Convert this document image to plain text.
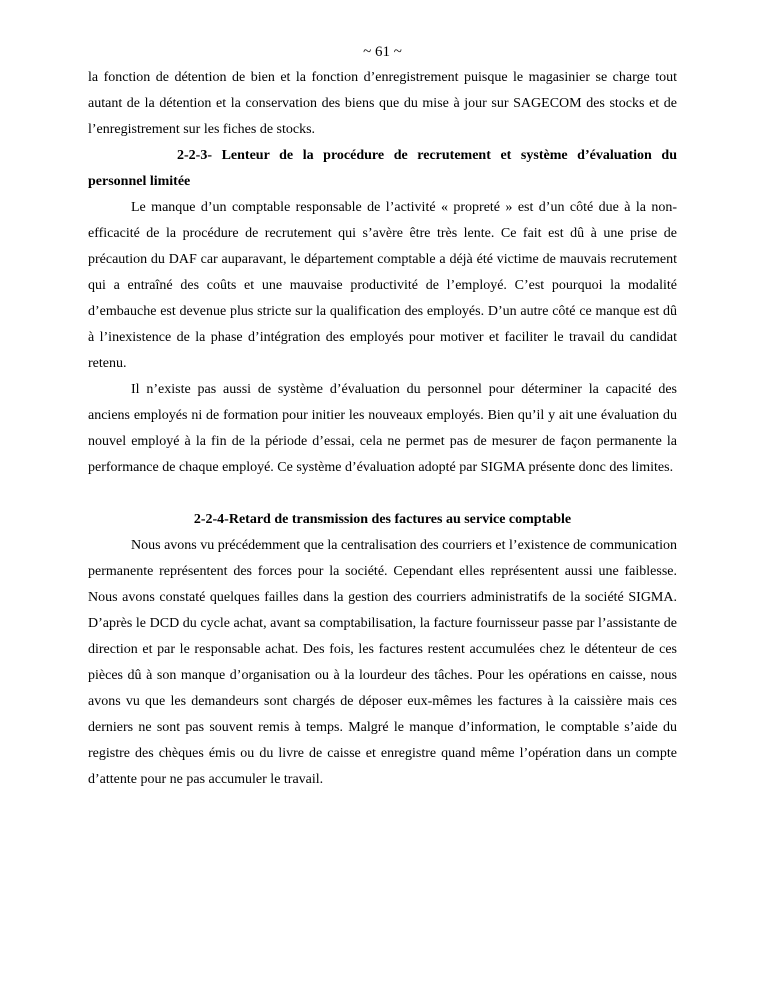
~ 61 ~

la fonction de détention de bien et la fonction d’enregistrement puisque le magasinier se charge tout autant de la détention et la conservation des biens que du mise à jour sur SAGECOM des stocks et de l’enregistrement sur les fiches de stocks.

2-2-3- Lenteur de la procédure de recrutement et système d’évaluation du personnel limitée

Le manque d’un comptable responsable de l’activité « propreté » est d’un côté due à la non-efficacité de la procédure de recrutement qui s’avère être très lente. Ce fait est dû à une prise de précaution du DAF car auparavant, le département comptable a déjà été victime de mauvais recrutement qui a entraîné des coûts et une mauvaise productivité de l’employé. C’est pourquoi la modalité d’embauche est devenue plus stricte sur la qualification des employés. D’un autre côté ce manque est dû à l’inexistence de la phase d’intégration des employés pour motiver et faciliter le travail du candidat retenu.

Il n’existe pas aussi de système d’évaluation du personnel pour déterminer la capacité des anciens employés ni de formation pour initier les nouveaux employés. Bien qu’il y ait une évaluation du nouvel employé à la fin de la période d’essai, cela ne permet pas de mesurer de façon permanente la performance de chaque employé. Ce système d’évaluation adopté par SIGMA présente donc des limites.

2-2-4-Retard de transmission des factures au service comptable

Nous avons vu précédemment que la centralisation des courriers et l’existence de communication permanente représentent des forces pour la société. Cependant elles représentent aussi une faiblesse. Nous avons constaté quelques failles dans la gestion des courriers administratifs de la société SIGMA. D’après le DCD du cycle achat, avant sa comptabilisation, la facture fournisseur passe par l’assistante de direction et par le responsable achat. Des fois, les factures restent accumulées chez le détenteur de ces pièces dû à son manque d’organisation ou à la lourdeur des tâches. Pour les opérations en caisse, nous avons vu que les demandeurs sont chargés de déposer eux-mêmes les factures à la caissière mais ces derniers ne sont pas souvent remis à temps. Malgré le manque d’information, le comptable s’aide du registre des chèques émis ou du livre de caisse et enregistre quand même l’opération dans un compte d’attente pour ne pas accumuler le travail.
